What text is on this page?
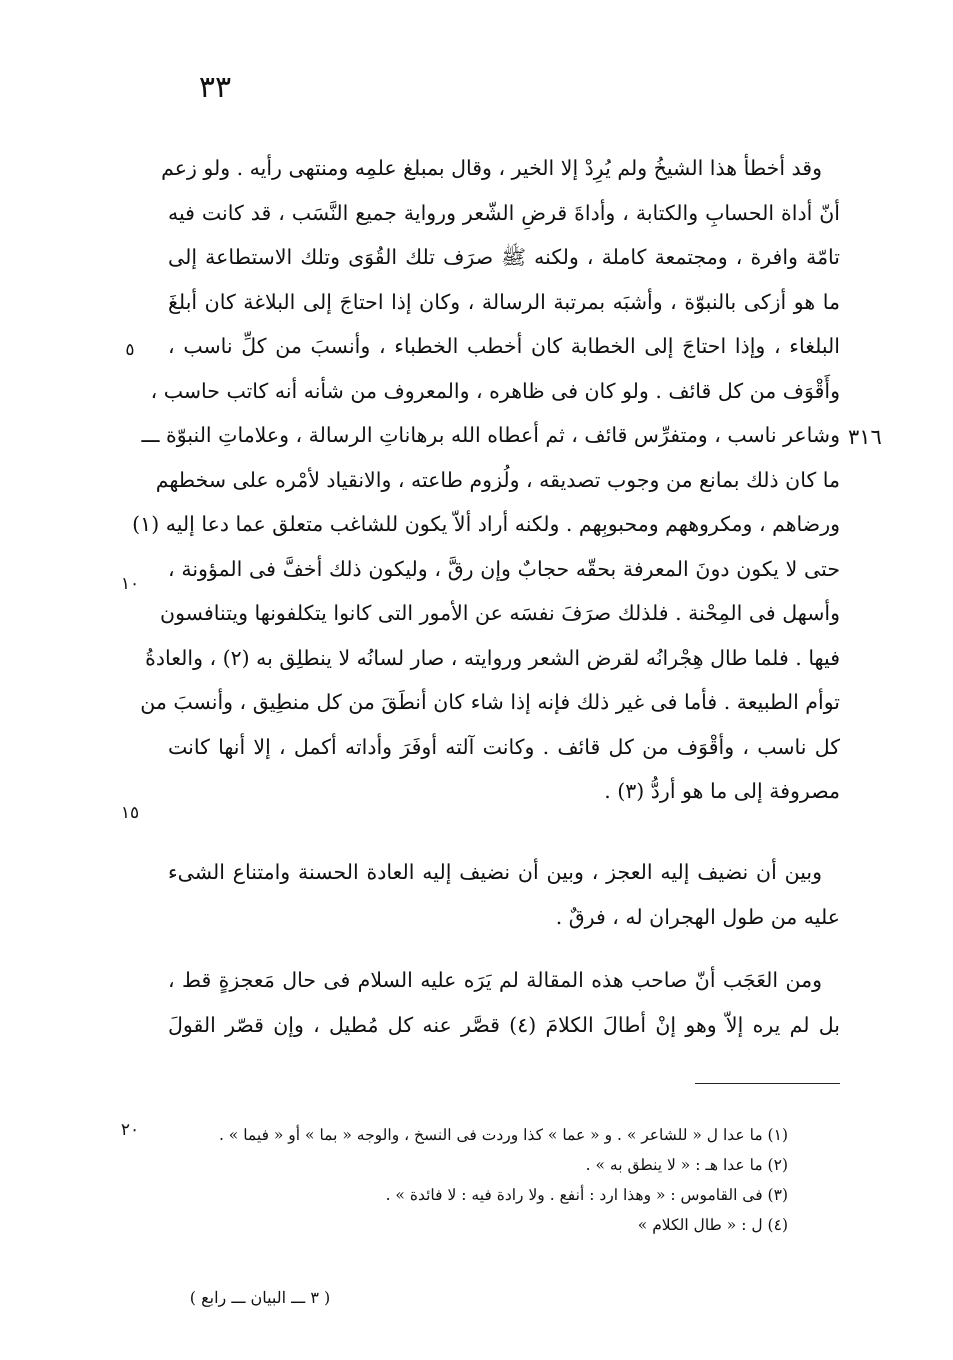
٣٣
وقد أخطأ هذا الشيخُ ولم يُرِدْ إلا الخير ، وقال بمبلغ علمِه ومنتهى رأيه . ولو زعم
أنّ أداة الحسابِ والكتابة ، وأداةَ قرضِ الشّعر ورواية جميع النَّسَب ، قد كانت فيه
تامّة وافرة ، ومجتمعة كاملة ، ولكنه ﷺ صرَف تلك القُوَى وتلك الاستطاعة إلى
ما هو أزكى بالنبوّة ، وأشبَه بمرتبة الرسالة ، وكان إذا احتاجَ إلى البلاغة كان أبلغَ
البلغاء ، وإذا احتاجَ إلى الخطابة كان أخطب الخطباء ، وأنسبَ من كلِّ ناسب ،
وأَقْوَف من كل قائف . ولو كان فى ظاهره ، والمعروف من شأنه أنه كاتب حاسب ،
وشاعر ناسب ، ومتفرِّس قائف ، ثم أعطاه الله برهاناتِ الرسالة ، وعلاماتِ النبوّة ـــ
ما كان ذلك بمانع من وجوب تصديقه ، ولُزوم طاعته ، والانقياد لأمْره على سخطهم
ورضاهم ، ومكروههم ومحبوبِهم . ولكنه أراد ألاّ يكون للشاغب متعلق عما دعا إليه (١)
حتى لا يكون دونَ المعرفة بحقّه حجابٌ وإن رقَّ ، وليكون ذلك أخفَّ فى المؤونة ،
وأسهل فى المِحْنة . فلذلك صرَفَ نفسَه عن الأمور التى كانوا يتكلفونها ويتنافسون
فيها . فلما طال هِجْرانُه لقرض الشعر وروايته ، صار لسانُه لا ينطلِق به (٢) ، والعادةُ
توأم الطبيعة . فأما فى غير ذلك فإنه إذا شاء كان أنطَقَ من كل منطِيق ، وأنسبَ من
كل ناسب ، وأقْوَف من كل قائف . وكانت آلته أوفَرَ وأداته أكمل ، إلا أنها كانت
مصروفة إلى ما هو أردُّ (٣) .
وبين أن نضيف إليه العجز ، وبين أن نضيف إليه العادة الحسنة وامتناع الشىء
عليه من طول الهجران له ، فرقٌ .
ومن العَجَب أنّ صاحب هذه المقالة لم يَرَه عليه السلام فى حال مَعجزةٍ قط ،
بل لم يره إلاّ وهو إنْ أطالَ الكلامَ (٤) قصَّر عنه كل مُطيل ، وإن قصّر القولَ
٥
١٠
١٥
٢٠
٣١٦
(١) ما عدا ل « للشاعر » . و « عما » كذا وردت فى النسخ ، والوجه « بما » أو « فيما » .
(٢) ما عدا هـ : « لا ينطق به » .
(٣) فى القاموس : « وهذا ارد : أنفع . ولا رادة فيه : لا فائدة » .
(٤) ل : « طال الكلام »
( ٣ ـــ البيان ـــ رابع )
